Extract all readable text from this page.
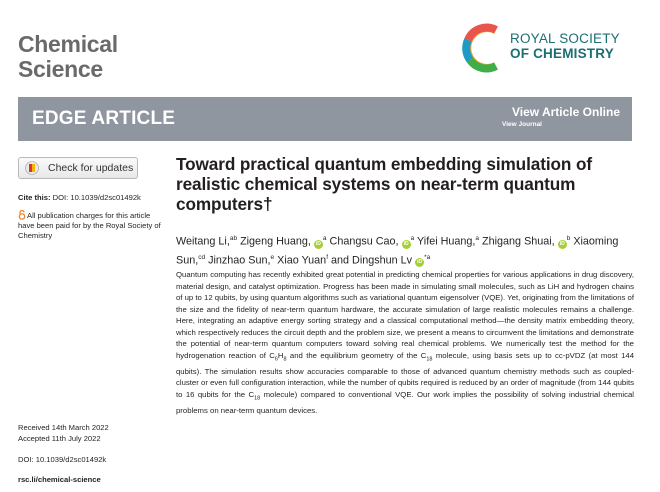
Chemical
Science
ROYAL SOCIETY
OF CHEMISTRY
EDGE ARTICLE	View Article Online
View Journal
Check for updates
Cite this: DOI: 10.1039/d2sc01492k
All publication charges for this article have been paid for by the Royal Society of Chemistry
Received 14th March 2022
Accepted 11th July 2022
DOI: 10.1039/d2sc01492k
rsc.li/chemical-science
Toward practical quantum embedding simulation of realistic chemical systems on near-term quantum computers†
Weitang Li,$^{ab}$ Zigeng Huang, $iD^a$ Changsu Cao, $iD^a$ Yifei Huang,$^a$ Zhigang Shuai, $iD^b$ Xiaoming Sun,$^{cd}$ Jinzhao Sun,$^e$ Xiao Yuan$^f$ and Dingshun Lv $iD^{*a}$
Quantum computing has recently exhibited great potential in predicting chemical properties for various applications in drug discovery, material design, and catalyst optimization. Progress has been made in simulating small molecules, such as LiH and hydrogen chains of up to 12 qubits, by using quantum algorithms such as variational quantum eigensolver (VQE). Yet, originating from the limitations of the size and the fidelity of near-term quantum hardware, the accurate simulation of large realistic molecules remains a challenge. Here, integrating an adaptive energy sorting strategy and a classical computational method—the density matrix embedding theory, which respectively reduces the circuit depth and the problem size, we present a means to circumvent the limitations and demonstrate the potential of near-term quantum computers toward solving real chemical problems. We numerically test the method for the hydrogenation reaction of $C_6H_8$ and the equilibrium geometry of the $C_{18}$ molecule, using basis sets up to cc-pVDZ (at most 144 qubits). The simulation results show accuracies comparable to those of advanced quantum chemistry methods such as coupled-cluster or even full configuration interaction, while the number of qubits required is reduced by an order of magnitude (from 144 qubits to 16 qubits for the $C_{18}$ molecule) compared to conventional VQE. Our work implies the possibility of solving industrial chemical problems on near-term quantum devices.
